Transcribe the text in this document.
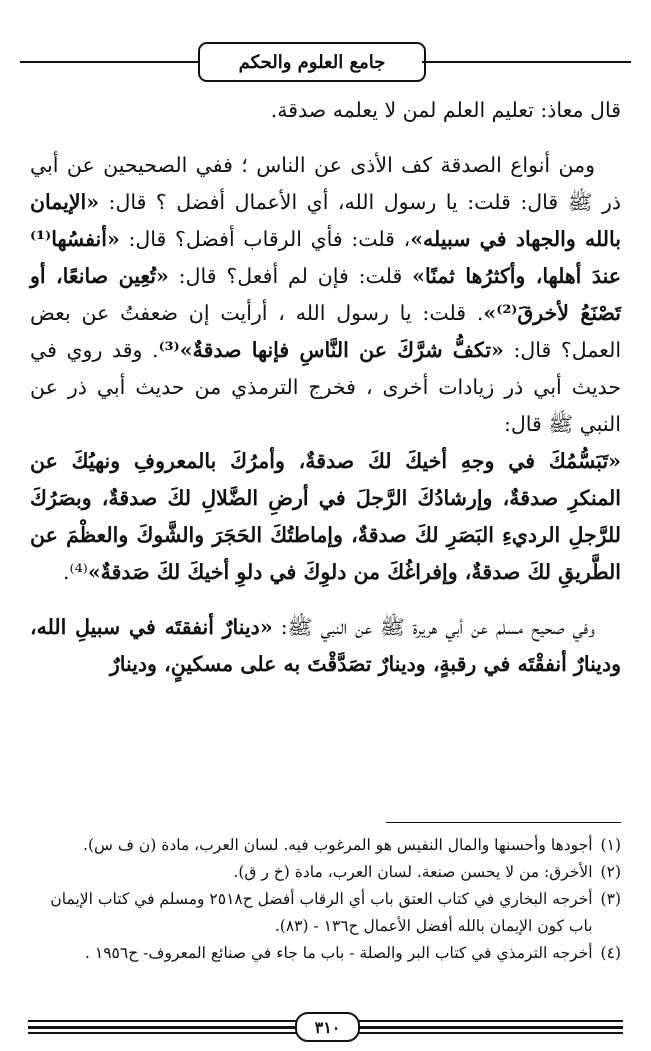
جامع العلوم والحكم

قال معاذ: تعليم العلم لمن لا يعلمه صدقة.

ومن أنواع الصدقة كف الأذى عن الناس ؛ ففي الصحيحين عن أبي ذر ﷺ قال: قلت: يا رسول الله، أي الأعمال أفضل ؟ قال: «الإيمان بالله والجهاد في سبيله»، قلت: فأي الرقاب أفضل؟ قال: «أنفسُها⁽¹⁾ عندَ أهلها، وأكثرُها ثمنًا» قلت: فإن لم أفعل؟ قال: «تُعِين صانعًا، أو تَصْنَعُ لأخرقَ⁽²⁾». قلت: يا رسول الله ، أرأيت إن ضعفتُ عن بعض العمل؟ قال: «تكفُّ شرَّكَ عن النَّاسِ فإنها صدقةٌ»⁽³⁾. وقد روي في حديث أبي ذر زيادات أخرى ، فخرج الترمذي من حديث أبي ذر عن النبي ﷺ قال:
«تَبَسُّمُكَ في وجهِ أخيكَ لكَ صدقةٌ، وأمرُكَ بالمعروفِ ونهيُكَ عن المنكرِ صدقةٌ، وإرشادُكَ الرَّجلَ في أرضِ الضَّلالِ لكَ صدقةٌ، وبصَرُكَ للرَّجلِ الرديءِ البَصَرِ لكَ صدقةٌ، وإماطتُكَ الحَجَرَ والشَّوكَ والعظْمَ عن الطَّريقِ لكَ صدقةٌ، وإفراغُكَ من دلوِكَ في دلوِ أخيكَ لكَ صَدقةٌ»⁽⁴⁾.

وفي صحيح مسلم عن أبي هريرة ﷺ عن النبي ﷺ: «دينارٌ أنفقتَه في سبيلِ الله، ودينارٌ أنفقْتَه في رقبةٍ، ودينارٌ تصَدَّقْتَ به على مسكينٍ، ودينارٌ

(١)
أجودها وأحسنها والمال النفيس هو المرغوب فيه. لسان العرب، مادة (ن ف س).
(٢)
الأخرق: من لا يحسن صنعة. لسان العرب، مادة (خ ر ق).
(٣)
أخرجه البخاري في كتاب العتق باب أي الرقاب أفضل ح٢٥١٨ ومسلم في كتاب الإيمان باب كون الإيمان بالله أفضل الأعمال ح١٣٦ - (٨٣).
(٤)
أخرجه الترمذي في كتاب البر والصلة - باب ما جاء في صنائع المعروف- ح١٩٥٦ .
٣١٠
